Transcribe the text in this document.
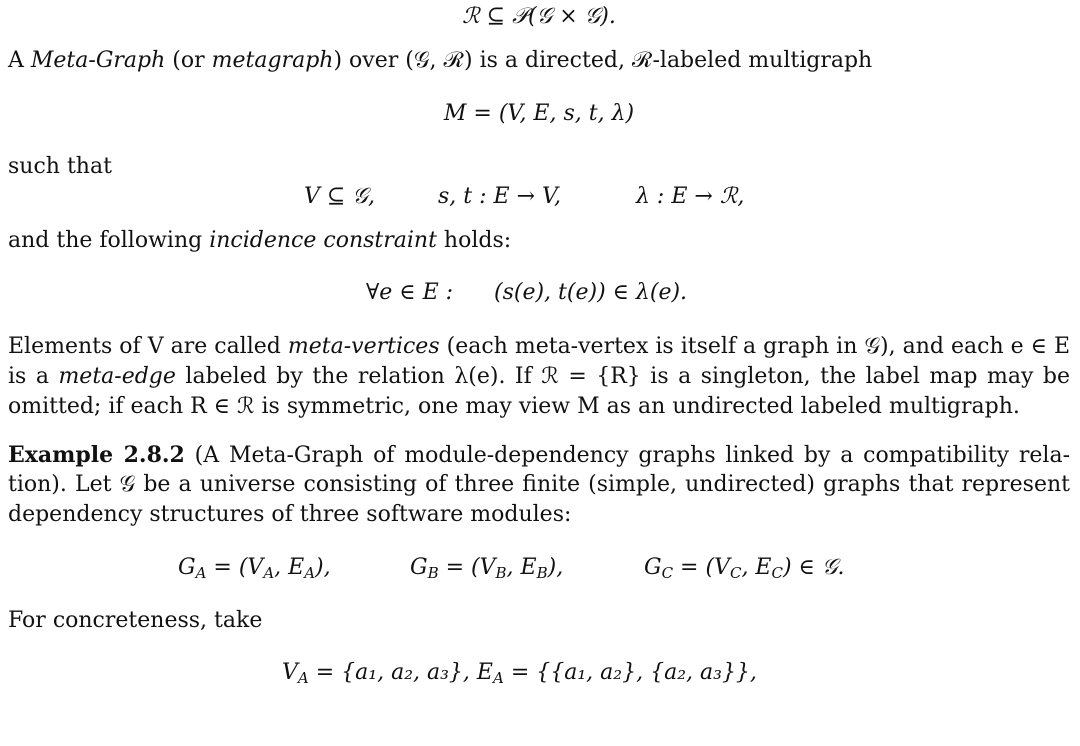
ℛ ⊆ 𝒫(𝒢 × 𝒢).
A Meta-Graph (or metagraph) over (𝒢, ℛ) is a directed, ℛ-labeled multigraph
M = (V, E, s, t, λ)
such that
V ⊆ 𝒢,	s, t : E → V,	λ : E → ℛ,
and the following incidence constraint holds:
∀e ∈ E : (s(e), t(e)) ∈ λ(e).
Elements of V are called meta-vertices (each meta-vertex is itself a graph in 𝒢), and each e ∈ E
is a meta-edge labeled by the relation λ(e). If ℛ = {R} is a singleton, the label map may be
omitted; if each R ∈ ℛ is symmetric, one may view M as an undirected labeled multigraph.
Example 2.8.2 (A Meta-Graph of module-dependency graphs linked by a compatibility rela-
tion). Let 𝒢 be a universe consisting of three finite (simple, undirected) graphs that represent
dependency structures of three software modules:
$G_A = (V_A$, $E_A$),	$G_B = (V_B$, $E_B$),	$G_C = (V_C$, $E_C$) ∈ 𝒢.
For concreteness, take
$V_A = \{a_1$, a₂, a₃}, $E_A = \{\{a_1$, a₂}, {a₂, a₃}},
